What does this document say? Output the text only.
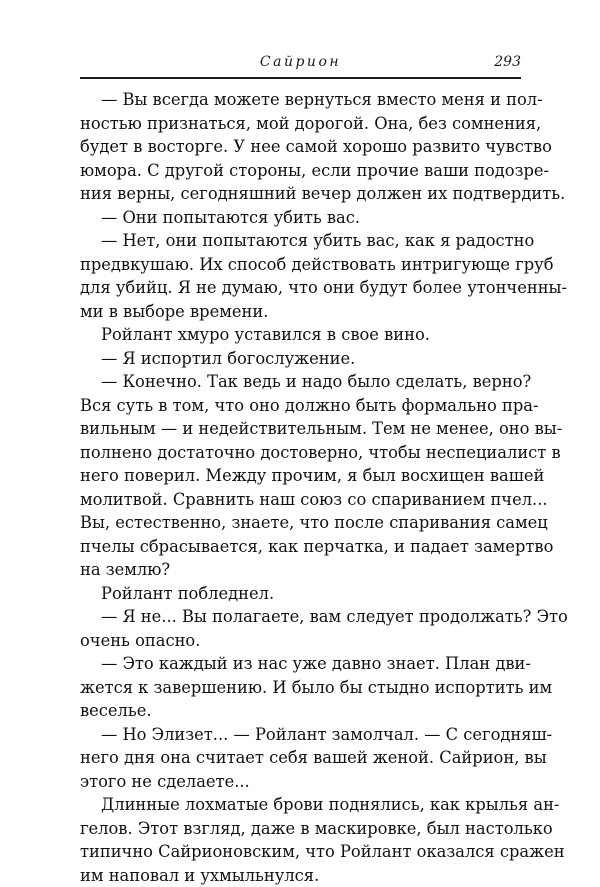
Сайрион	293
— Вы всегда можете вернуться вместо меня и пол-
ностью признаться, мой дорогой. Она, без сомнения,
будет в восторге. У нее самой хорошо развито чувство
юмора. С другой стороны, если прочие ваши подозре-
ния верны, сегодняшний вечер должен их подтвердить.
— Они попытаются убить вас.
— Нет, они попытаются убить вас, как я радостно
предвкушаю. Их способ действовать интригующе груб
для убийц. Я не думаю, что они будут более утонченны-
ми в выборе времени.
Ройлант хмуро уставился в свое вино.
— Я испортил богослужение.
— Конечно. Так ведь и надо было сделать, верно?
Вся суть в том, что оно должно быть формально пра-
вильным — и недействительным. Тем не менее, оно вы-
полнено достаточно достоверно, чтобы неспециалист в
него поверил. Между прочим, я был восхищен вашей
молитвой. Сравнить наш союз со спариванием пчел...
Вы, естественно, знаете, что после спаривания самец
пчелы сбрасывается, как перчатка, и падает замертво
на землю?
Ройлант побледнел.
— Я не... Вы полагаете, вам следует продолжать? Это
очень опасно.
— Это каждый из нас уже давно знает. План дви-
жется к завершению. И было бы стыдно испортить им
веселье.
— Но Элизет... — Ройлант замолчал. — С сегодняш-
него дня она считает себя вашей женой. Сайрион, вы
этого не сделаете...
Длинные лохматые брови поднялись, как крылья ан-
гелов. Этот взгляд, даже в маскировке, был настолько
типично Сайрионовским, что Ройлант оказался сражен
им наповал и ухмыльнулся.
